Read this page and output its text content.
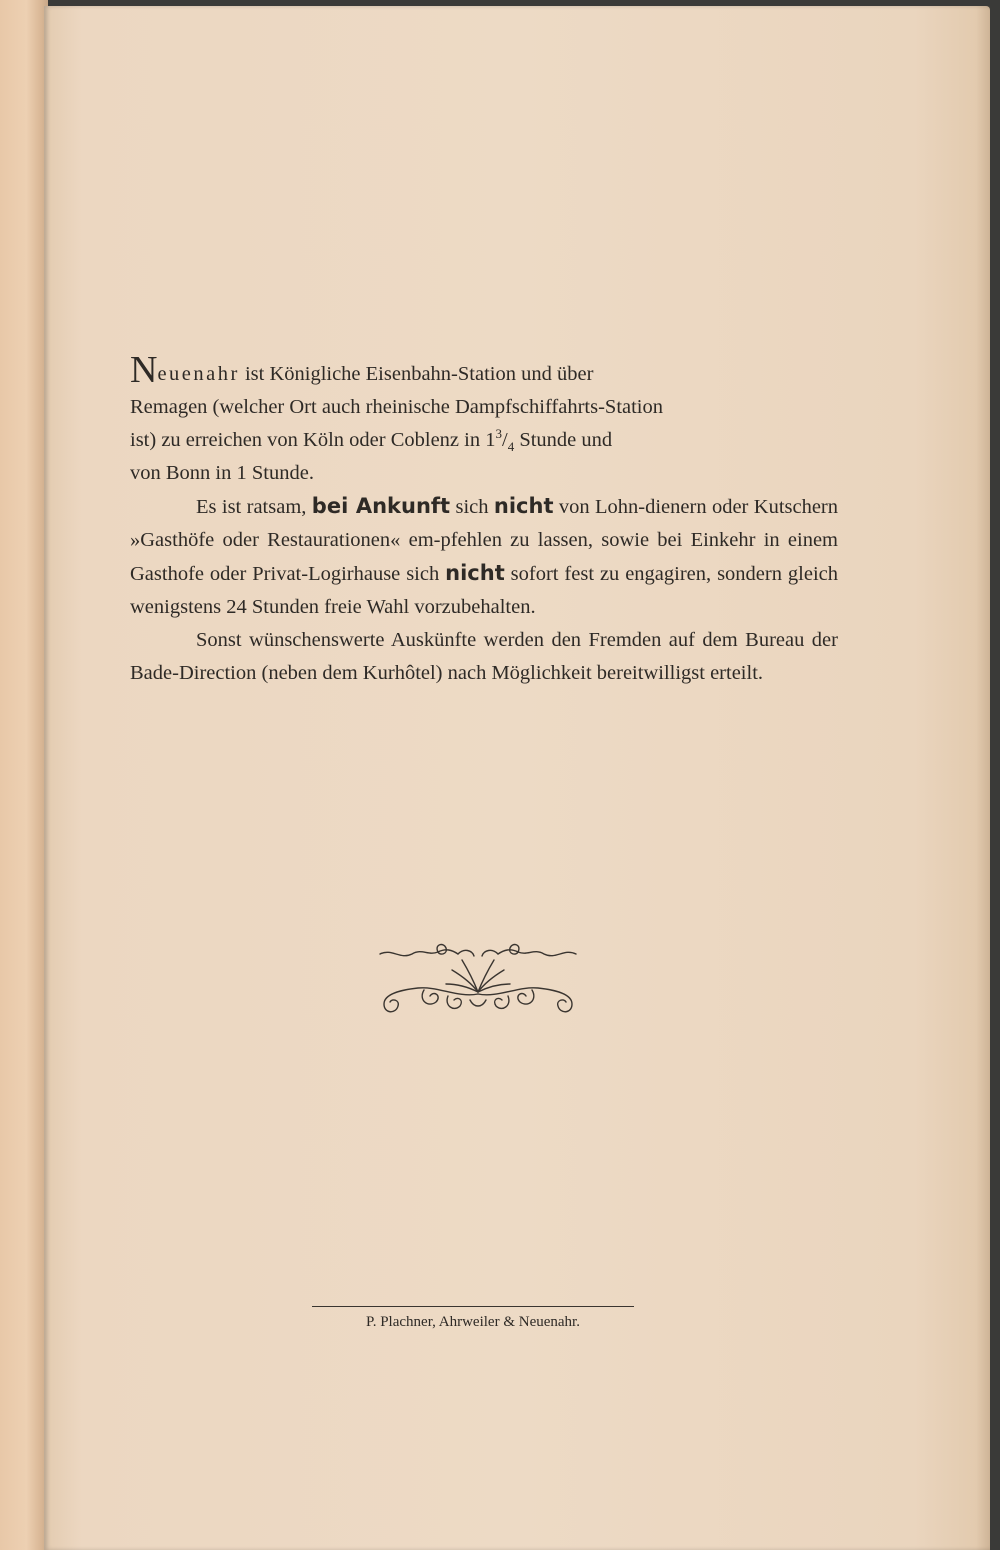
Neuenahr ist Königliche Eisenbahn-Station und über
Remagen (welcher Ort auch rheinische Dampfschiffahrts-Station
ist) zu erreichen von Köln oder Coblenz in $1^3/_4$ Stunde und
von Bonn in 1 Stunde.

Es ist ratsam, bei Ankunft sich nicht von Lohn-dienern oder Kutschern »Gasthöfe oder Restaurationen« em-pfehlen zu lassen, sowie bei Einkehr in einem Gasthofe oder Privat-Logirhause sich nicht sofort fest zu engagiren, sondern gleich wenigstens 24 Stunden freie Wahl vorzubehalten.

Sonst wünschenswerte Auskünfte werden den Fremden auf dem Bureau der Bade-Direction (neben dem Kurhôtel) nach Möglichkeit bereitwilligst erteilt.

P. Plachner, Ahrweiler & Neuenahr.
